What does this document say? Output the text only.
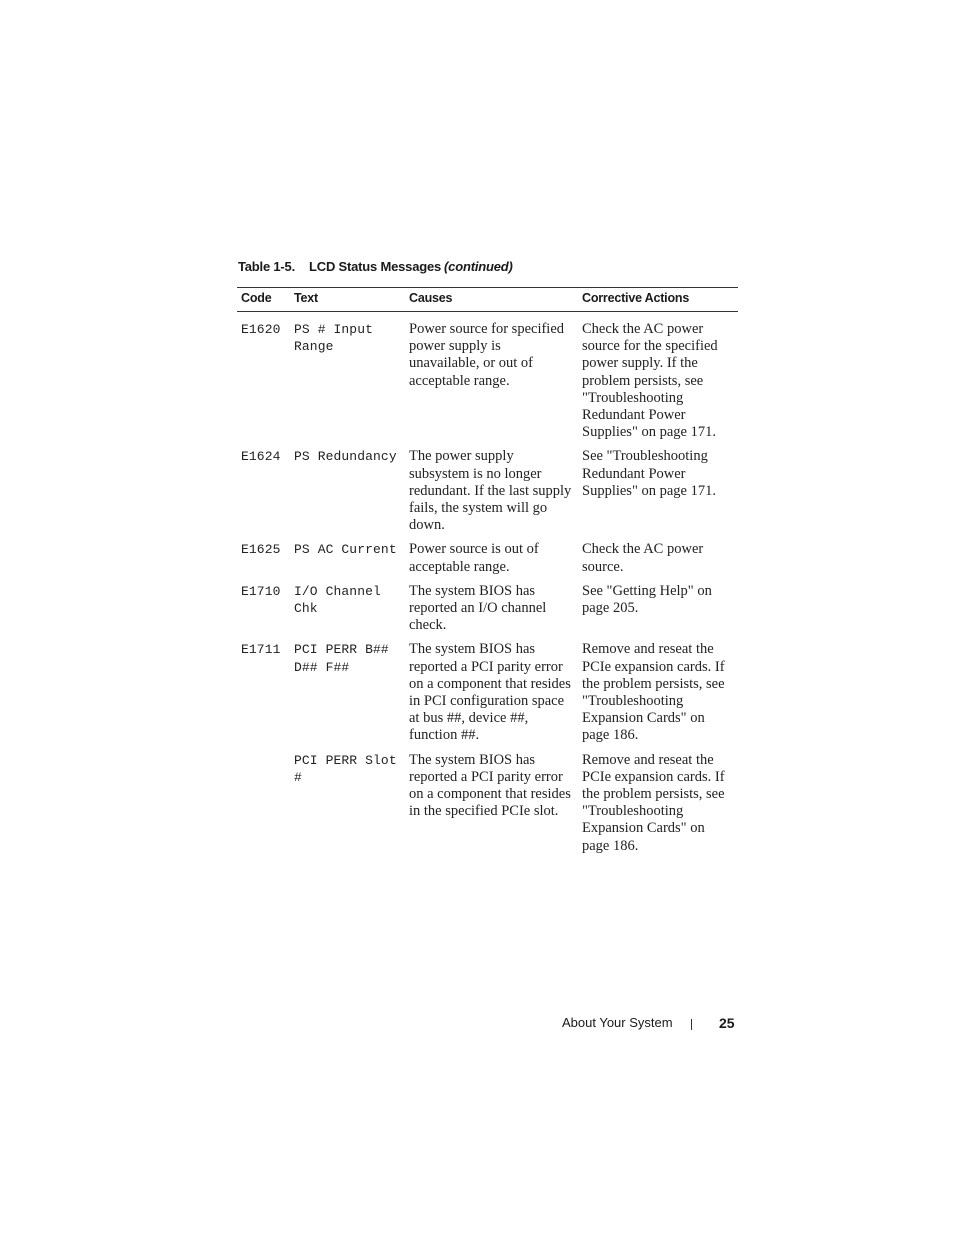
Table 1-5. LCD Status Messages (continued)
Code	Text	Causes	Corrective Actions
E1620	PS # Input Range	Power source for specified power supply is unavailable, or out of acceptable range.	Check the AC power source for the specified power supply. If the problem persists, see "Troubleshooting Redundant Power Supplies" on page 171.
E1624	PS Redundancy	The power supply subsystem is no longer redundant. If the last supply fails, the system will go down.	See "Troubleshooting Redundant Power Supplies" on page 171.
E1625	PS AC Current	Power source is out of acceptable range.	Check the AC power source.
E1710	I/O Channel Chk	The system BIOS has reported an I/O channel check.	See "Getting Help" on page 205.
E1711	PCI PERR B## D## F##	The system BIOS has reported a PCI parity error on a component that resides in PCI configuration space at bus ##, device ##, function ##.	Remove and reseat the PCIe expansion cards. If the problem persists, see "Troubleshooting Expansion Cards" on page 186.
	PCI PERR Slot #	The system BIOS has reported a PCI parity error on a component that resides in the specified PCIe slot.	Remove and reseat the PCIe expansion cards. If the problem persists, see "Troubleshooting Expansion Cards" on page 186.
About Your System	25
